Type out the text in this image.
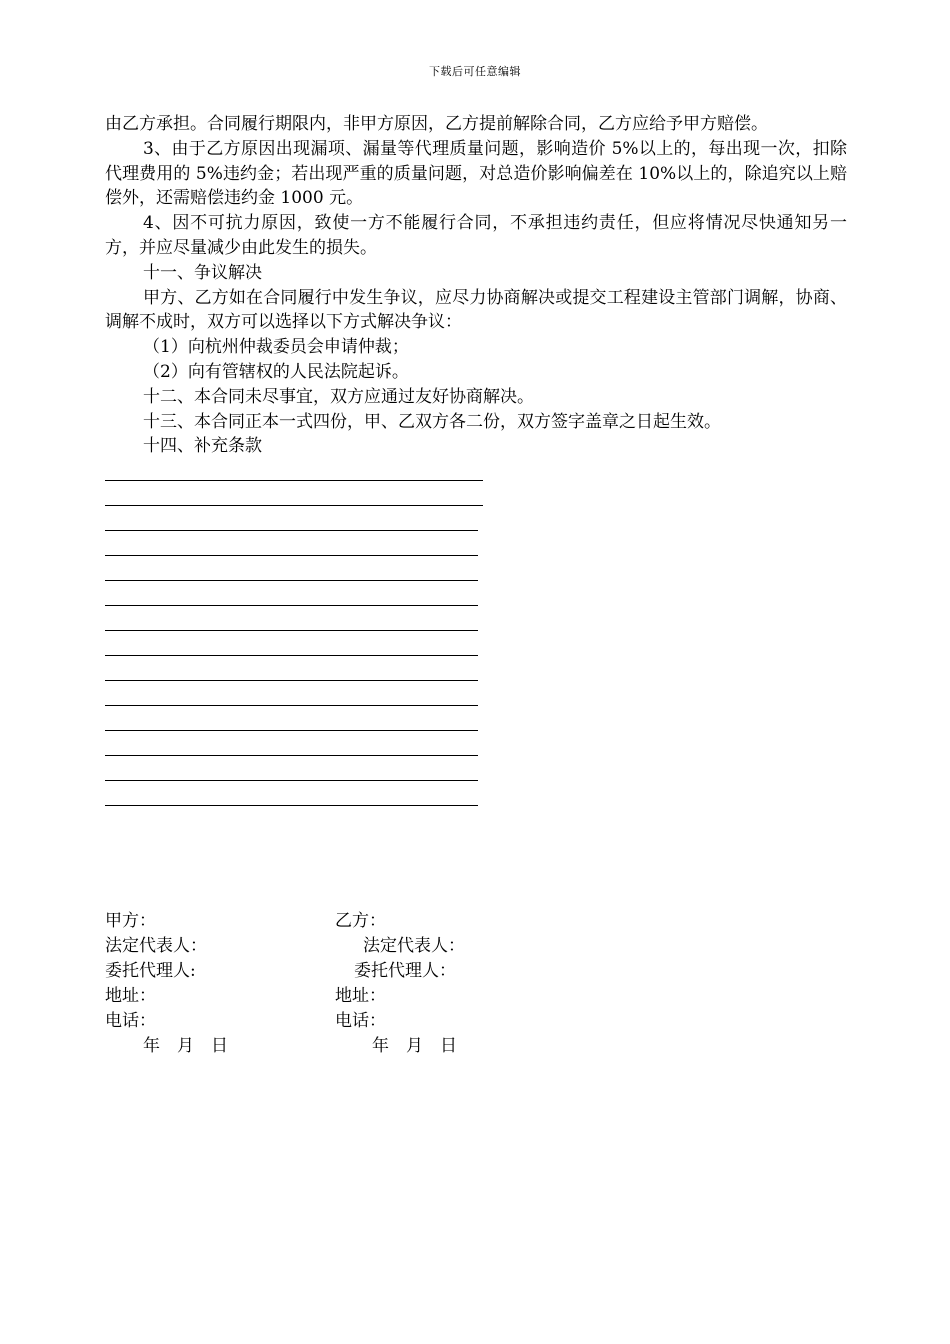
下载后可任意编辑

由乙方承担。合同履行期限内，非甲方原因，乙方提前解除合同，乙方应给予甲方赔偿。

3、由于乙方原因出现漏项、漏量等代理质量问题，影响造价 5%以上的，每出现一次，扣除代理费用的 5%违约金；若出现严重的质量问题，对总造价影响偏差在 10%以上的，除追究以上赔偿外，还需赔偿违约金 1000 元。

4、因不可抗力原因，致使一方不能履行合同，不承担违约责任，但应将情况尽快通知另一方，并应尽量减少由此发生的损失。

十一、争议解决

甲方、乙方如在合同履行中发生争议，应尽力协商解决或提交工程建设主管部门调解，协商、调解不成时，双方可以选择以下方式解决争议：

（1）向杭州仲裁委员会申请仲裁；

（2）向有管辖权的人民法院起诉。

十二、本合同未尽事宜，双方应通过友好协商解决。

十三、本合同正本一式四份，甲、乙双方各二份，双方签字盖章之日起生效。

十四、补充条款

甲方：
法定代表人：
委托代理人:
地址：
电话：
年　月　日
乙方：
法定代表人：
委托代理人：
地址：
电话：
年　月　日
